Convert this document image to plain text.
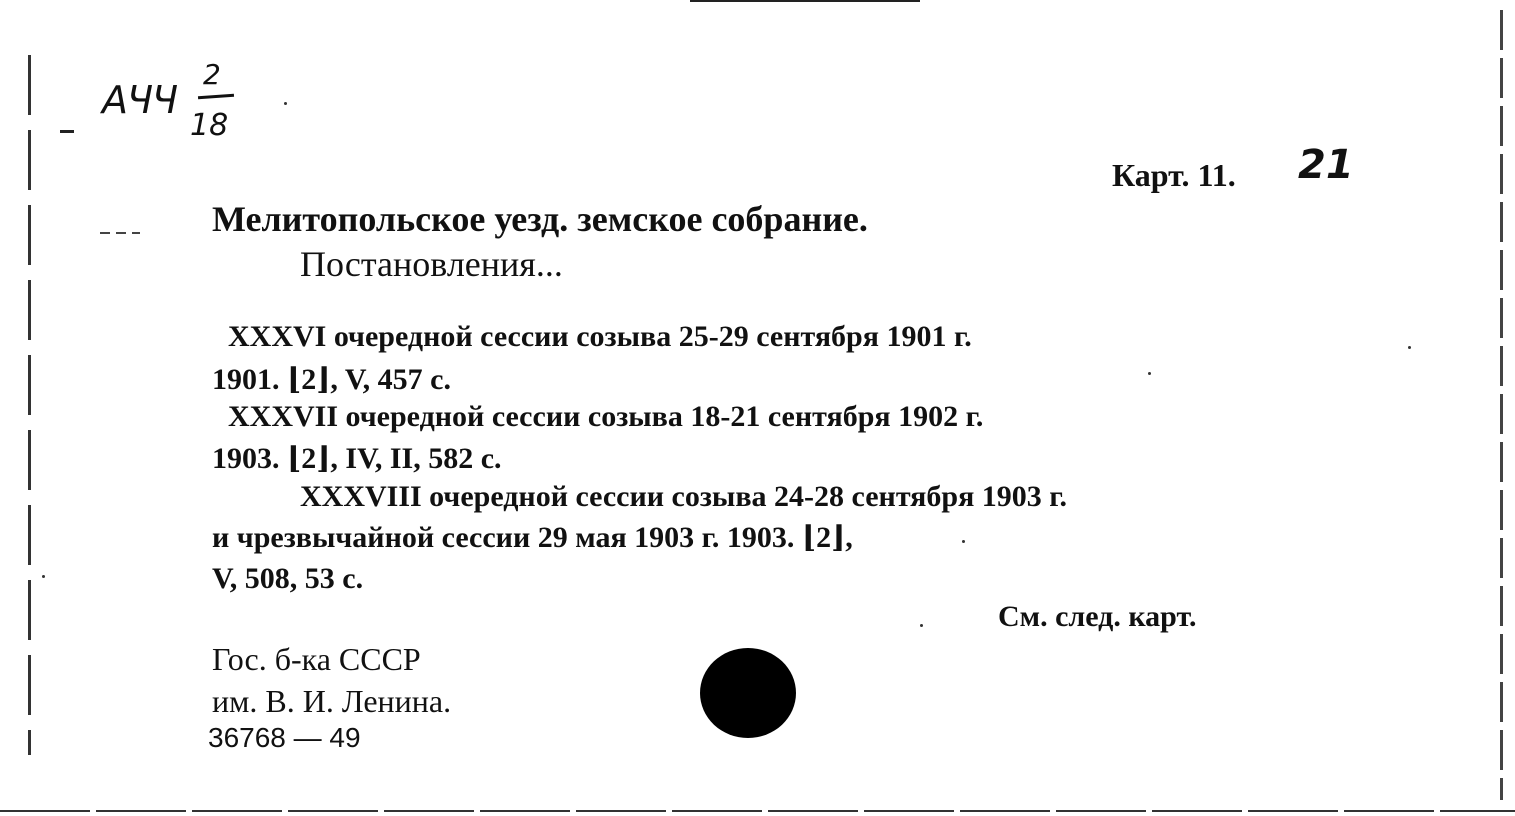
АЧЧ
2
18
21
Карт. 11.
Мелитопольское уезд. земское собрание.
Постановления...
XXXVI очередной сессии созыва 25-29 сентября 1901 г.
1901. ⌊2⌋, V, 457 с.
XXXVII очередной сессии созыва 18-21 сентября 1902 г.
1903. ⌊2⌋, IV, II, 582 с.
XXXVIII очередной сессии созыва 24-28 сентября 1903 г.
и чрезвычайной сессии 29 мая 1903 г. 1903. ⌊2⌋,
V, 508, 53 с.
См. след. карт.
Гос. б-ка СССР
им. В. И. Ленина.
36768 — 49
